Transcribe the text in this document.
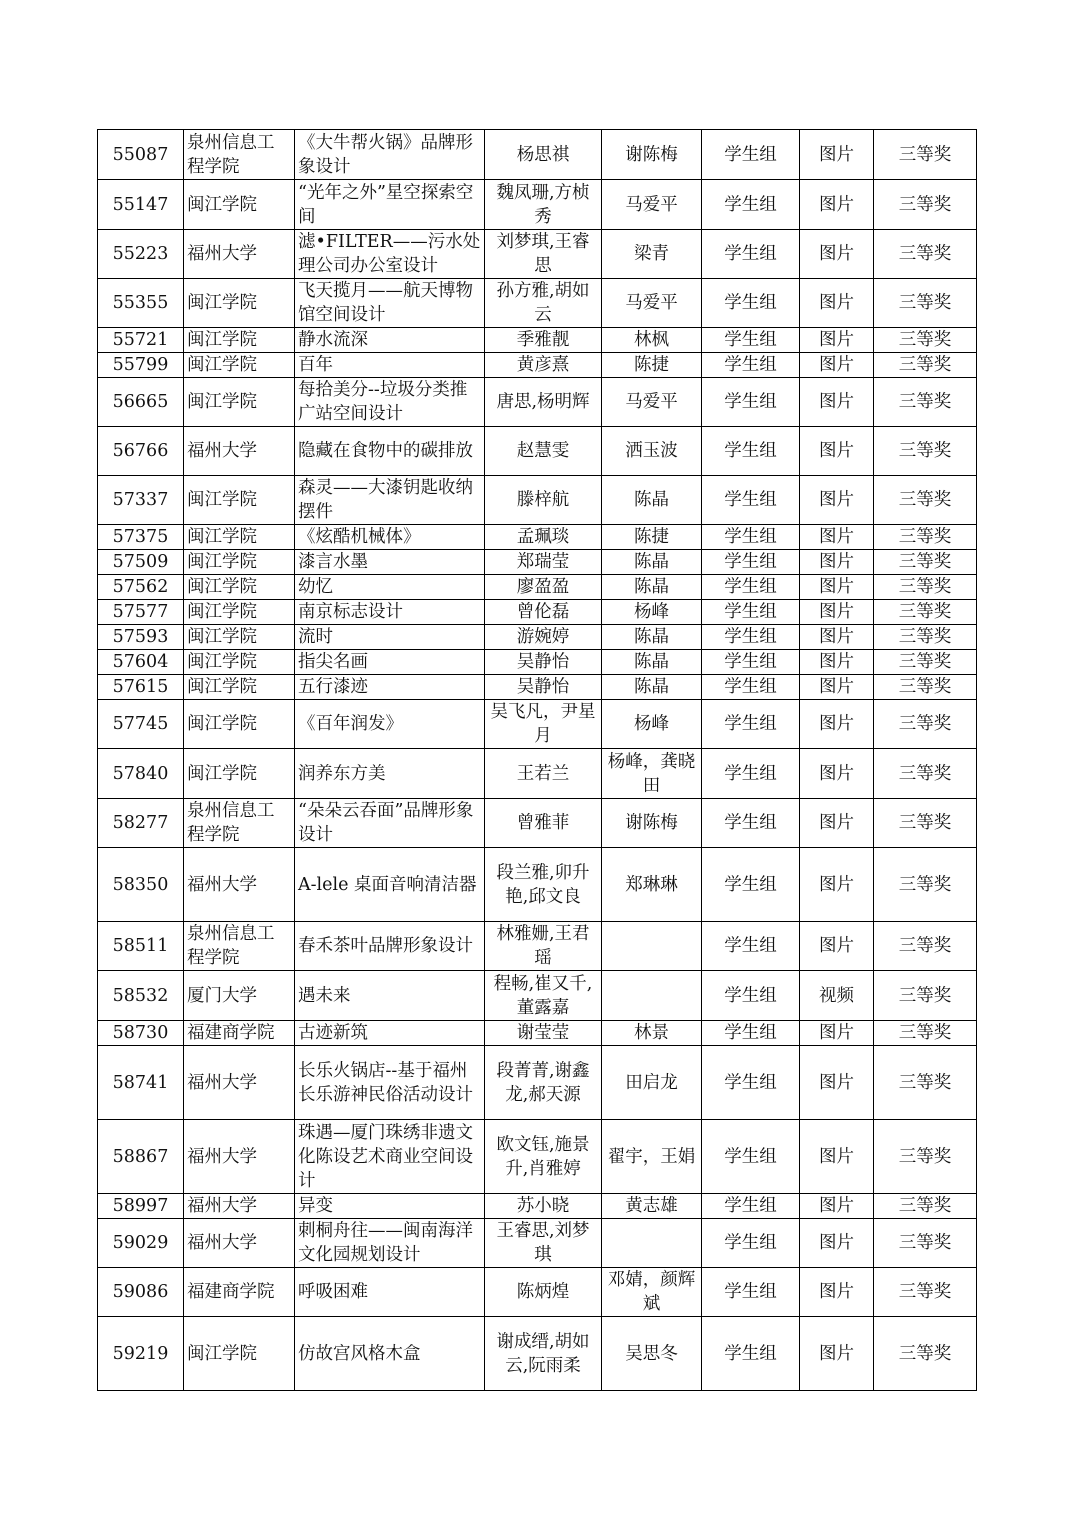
55087	泉州信息工程学院	《大牛帮火锅》品牌形象设计	杨思祺	谢陈梅	学生组	图片	三等奖
55147	闽江学院	“光年之外”星空探索空间	魏凤珊,方桢秀	马爱平	学生组	图片	三等奖
55223	福州大学	滤•FILTER——污水处理公司办公室设计	刘梦琪,王睿思	梁青	学生组	图片	三等奖
55355	闽江学院	飞天揽月——航天博物馆空间设计	孙方雅,胡如云	马爱平	学生组	图片	三等奖
55721	闽江学院	静水流深	季雅靓	林枫	学生组	图片	三等奖
55799	闽江学院	百年	黄彦熹	陈捷	学生组	图片	三等奖
56665	闽江学院	每拾美分--垃圾分类推广站空间设计	唐思,杨明辉	马爱平	学生组	图片	三等奖
56766	福州大学	隐藏在食物中的碳排放	赵慧雯	洒玉波	学生组	图片	三等奖
57337	闽江学院	森灵——大漆钥匙收纳摆件	滕梓航	陈晶	学生组	图片	三等奖
57375	闽江学院	《炫酷机械体》	孟珮琰	陈捷	学生组	图片	三等奖
57509	闽江学院	漆言水墨	郑瑞莹	陈晶	学生组	图片	三等奖
57562	闽江学院	幼忆	廖盈盈	陈晶	学生组	图片	三等奖
57577	闽江学院	南京标志设计	曾伦磊	杨峰	学生组	图片	三等奖
57593	闽江学院	流时	游婉婷	陈晶	学生组	图片	三等奖
57604	闽江学院	指尖名画	吴静怡	陈晶	学生组	图片	三等奖
57615	闽江学院	五行漆迹	吴静怡	陈晶	学生组	图片	三等奖
57745	闽江学院	《百年润发》	吴飞凡，尹星月	杨峰	学生组	图片	三等奖
57840	闽江学院	润养东方美	王若兰	杨峰，龚晓田	学生组	图片	三等奖
58277	泉州信息工程学院	“朵朵云吞面”品牌形象设计	曾雅菲	谢陈梅	学生组	图片	三等奖
58350	福州大学	A-lele 桌面音响清洁器	段兰雅,卯升艳,邱文良	郑琳琳	学生组	图片	三等奖
58511	泉州信息工程学院	春禾茶叶品牌形象设计	林雅姗,王君瑶		学生组	图片	三等奖
58532	厦门大学	遇未来	程畅,崔又千,董露嘉		学生组	视频	三等奖
58730	福建商学院	古迹新筑	谢莹莹	林景	学生组	图片	三等奖
58741	福州大学	长乐火锅店--基于福州长乐游神民俗活动设计	段菁菁,谢鑫龙,郝天源	田启龙	学生组	图片	三等奖
58867	福州大学	珠遇—厦门珠绣非遗文化陈设艺术商业空间设计	欧文钰,施景升,肖雅婷	翟宇，王娟	学生组	图片	三等奖
58997	福州大学	异变	苏小晓	黄志雄	学生组	图片	三等奖
59029	福州大学	刺桐舟往——闽南海洋文化园规划设计	王睿思,刘梦琪		学生组	图片	三等奖
59086	福建商学院	呼吸困难	陈炳煌	邓婧，颜辉斌	学生组	图片	三等奖
59219	闽江学院	仿故宫风格木盒	谢成缙,胡如云,阮雨柔	吴思冬	学生组	图片	三等奖
